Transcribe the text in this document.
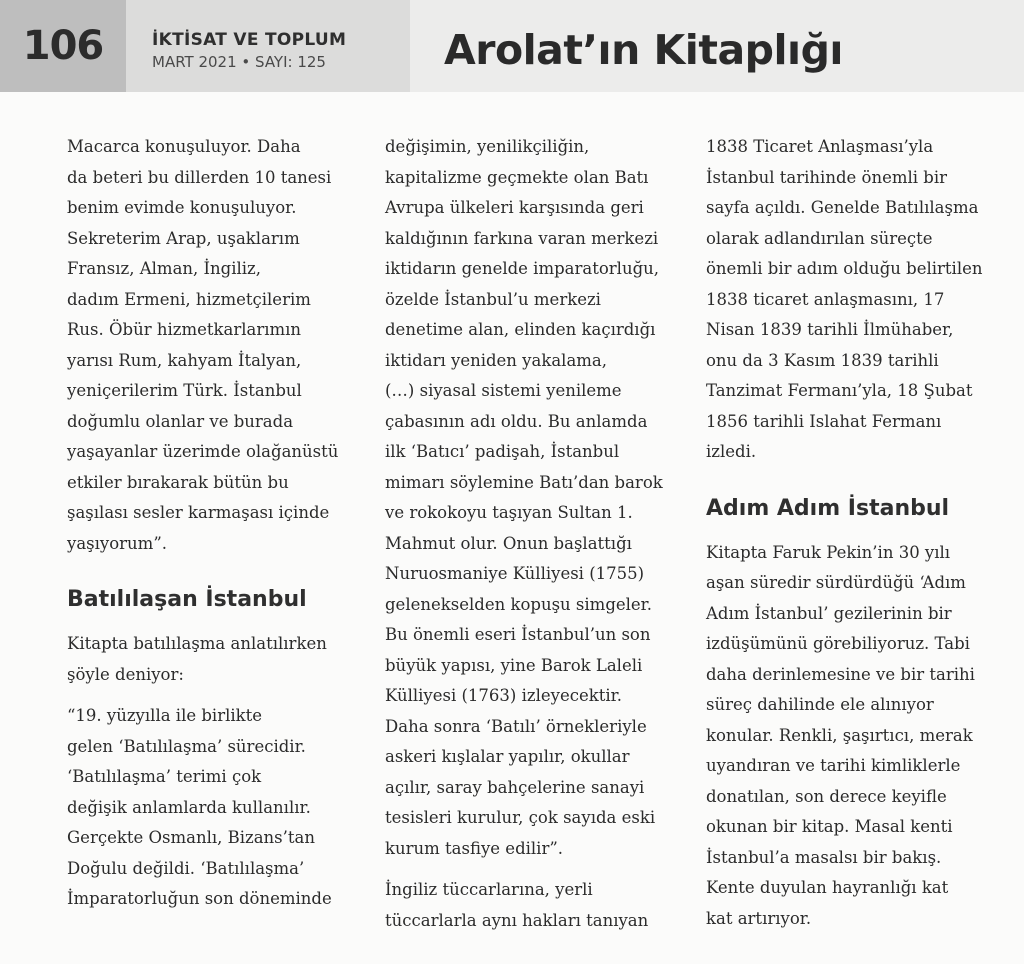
106	İKTİSAT VE TOPLUM
MART 2021 • SAYI: 125	Arolat’ın Kitaplığı

Macarca konuşuluyor. Daha
da beteri bu dillerden 10 tanesi
benim evimde konuşuluyor.
Sekreterim Arap, uşaklarım
Fransız, Alman, İngiliz,
dadım Ermeni, hizmetçilerim
Rus. Öbür hizmetkarlarımın
yarısı Rum, kahyam İtalyan,
yeniçerilerim Türk. İstanbul
doğumlu olanlar ve burada
yaşayanlar üzerimde olağanüstü
etkiler bırakarak bütün bu
şaşılası sesler karmaşası içinde
yaşıyorum”.

Batılılaşan İstanbul

Kitapta batılılaşma anlatılırken
şöyle deniyor:

“19. yüzyılla ile birlikte
gelen ‘Batılılaşma’ sürecidir.
‘Batılılaşma’ terimi çok
değişik anlamlarda kullanılır.
Gerçekte Osmanlı, Bizans’tan
Doğulu değildi. ‘Batılılaşma’
İmparatorluğun son döneminde

değişimin, yenilikçiliğin,
kapitalizme geçmekte olan Batı
Avrupa ülkeleri karşısında geri
kaldığının farkına varan merkezi
iktidarın genelde imparatorluğu,
özelde İstanbul’u merkezi
denetime alan, elinden kaçırdığı
iktidarı yeniden yakalama,
(…) siyasal sistemi yenileme
çabasının adı oldu. Bu anlamda
ilk ‘Batıcı’ padişah, İstanbul
mimarı söylemine Batı’dan barok
ve rokokoyu taşıyan Sultan 1.
Mahmut olur. Onun başlattığı
Nuruosmaniye Külliyesi (1755)
gelenekselden kopuşu simgeler.
Bu önemli eseri İstanbul’un son
büyük yapısı, yine Barok Laleli
Külliyesi (1763) izleyecektir.
Daha sonra ‘Batılı’ örnekleriyle
askeri kışlalar yapılır, okullar
açılır, saray bahçelerine sanayi
tesisleri kurulur, çok sayıda eski
kurum tasfiye edilir”.

İngiliz tüccarlarına, yerli
tüccarlarla aynı hakları tanıyan

1838 Ticaret Anlaşması’yla
İstanbul tarihinde önemli bir
sayfa açıldı. Genelde Batılılaşma
olarak adlandırılan süreçte
önemli bir adım olduğu belirtilen
1838 ticaret anlaşmasını, 17
Nisan 1839 tarihli İlmühaber,
onu da 3 Kasım 1839 tarihli
Tanzimat Fermanı’yla, 18 Şubat
1856 tarihli Islahat Fermanı
izledi.

Adım Adım İstanbul

Kitapta Faruk Pekin’in 30 yılı
aşan süredir sürdürdüğü ‘Adım
Adım İstanbul’ gezilerinin bir
izdüşümünü görebiliyoruz. Tabi
daha derinlemesine ve bir tarihi
süreç dahilinde ele alınıyor
konular. Renkli, şaşırtıcı, merak
uyandıran ve tarihi kimliklerle
donatılan, son derece keyifle
okunan bir kitap. Masal kenti
İstanbul’a masalsı bir bakış.
Kente duyulan hayranlığı kat
kat artırıyor.
